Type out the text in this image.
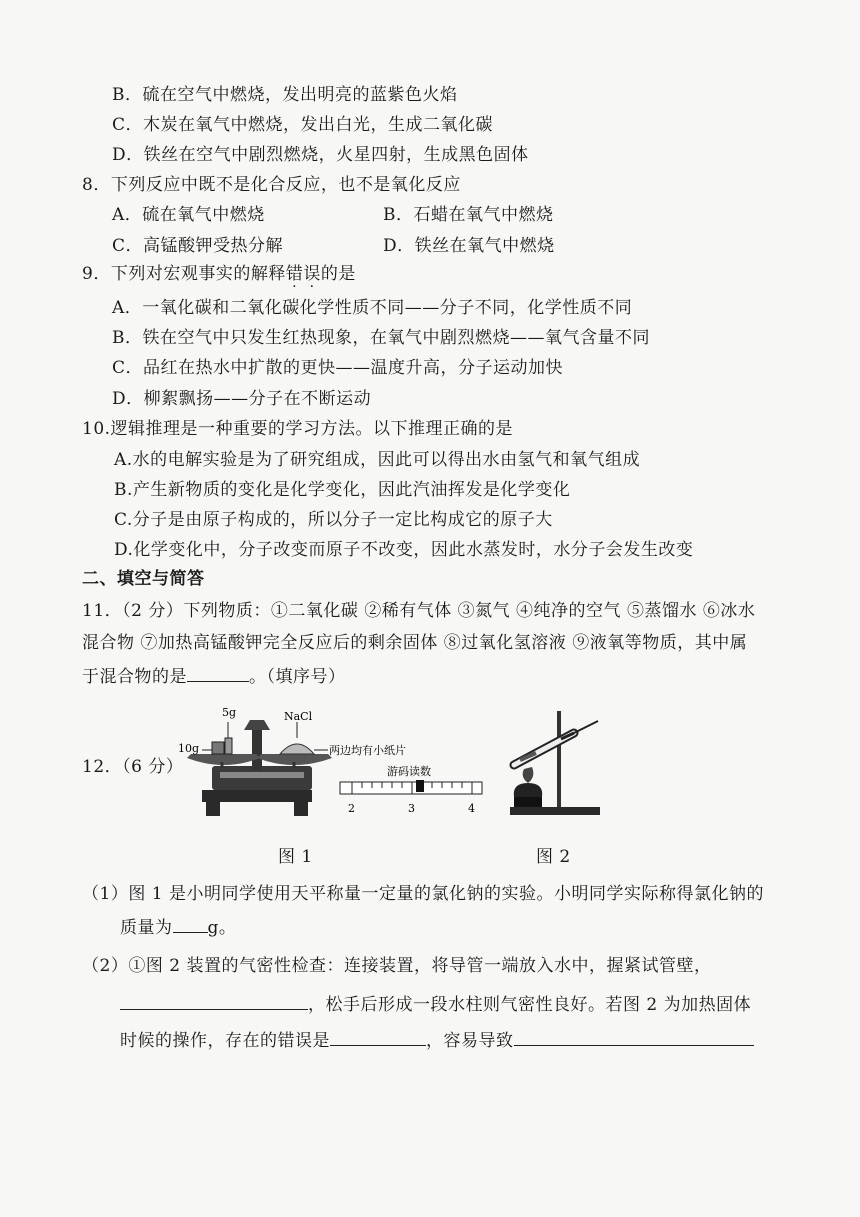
B．硫在空气中燃烧，发出明亮的蓝紫色火焰
C．木炭在氧气中燃烧，发出白光，生成二氧化碳
D．铁丝在空气中剧烈燃烧，火星四射，生成黑色固体
8．下列反应中既不是化合反应，也不是氧化反应
A．硫在氧气中燃烧	B．石蜡在氧气中燃烧
C．高锰酸钾受热分解	D．铁丝在氧气中燃烧
9．下列对宏观事实的解释错误的是
A．一氧化碳和二氧化碳化学性质不同——分子不同，化学性质不同
B．铁在空气中只发生红热现象，在氧气中剧烈燃烧——氧气含量不同
C．品红在热水中扩散的更快——温度升高，分子运动加快
D．柳絮飘扬——分子在不断运动
10.逻辑推理是一种重要的学习方法。以下推理正确的是
A.水的电解实验是为了研究组成，因此可以得出水由氢气和氧气组成
B.产生新物质的变化是化学变化，因此汽油挥发是化学变化
C.分子是由原子构成的，所以分子一定比构成它的原子大
D.化学变化中，分子改变而原子不改变，因此水蒸发时，水分子会发生改变
二、填空与简答
11．（2 分）下列物质：①二氧化碳 ②稀有气体 ③氮气 ④纯净的空气 ⑤蒸馏水 ⑥冰水
混合物 ⑦加热高锰酸钾完全反应后的剩余固体 ⑧过氧化氢溶液 ⑨液氧等物质，其中属
于混合物的是	。（填序号）
12．（6 分）
5g
10g
NaCl
两边均有小纸片
游码读数
2	3	4
图 1	图 2
（1）图 1 是小明同学使用天平称量一定量的氯化钠的实验。小明同学实际称得氯化钠的
质量为 g。
（2）①图 2 装置的气密性检查：连接装置，将导管一端放入水中，握紧试管壁，
，松手后形成一段水柱则气密性良好。若图 2 为加热固体
时候的操作，存在的错误是	，容易导致
